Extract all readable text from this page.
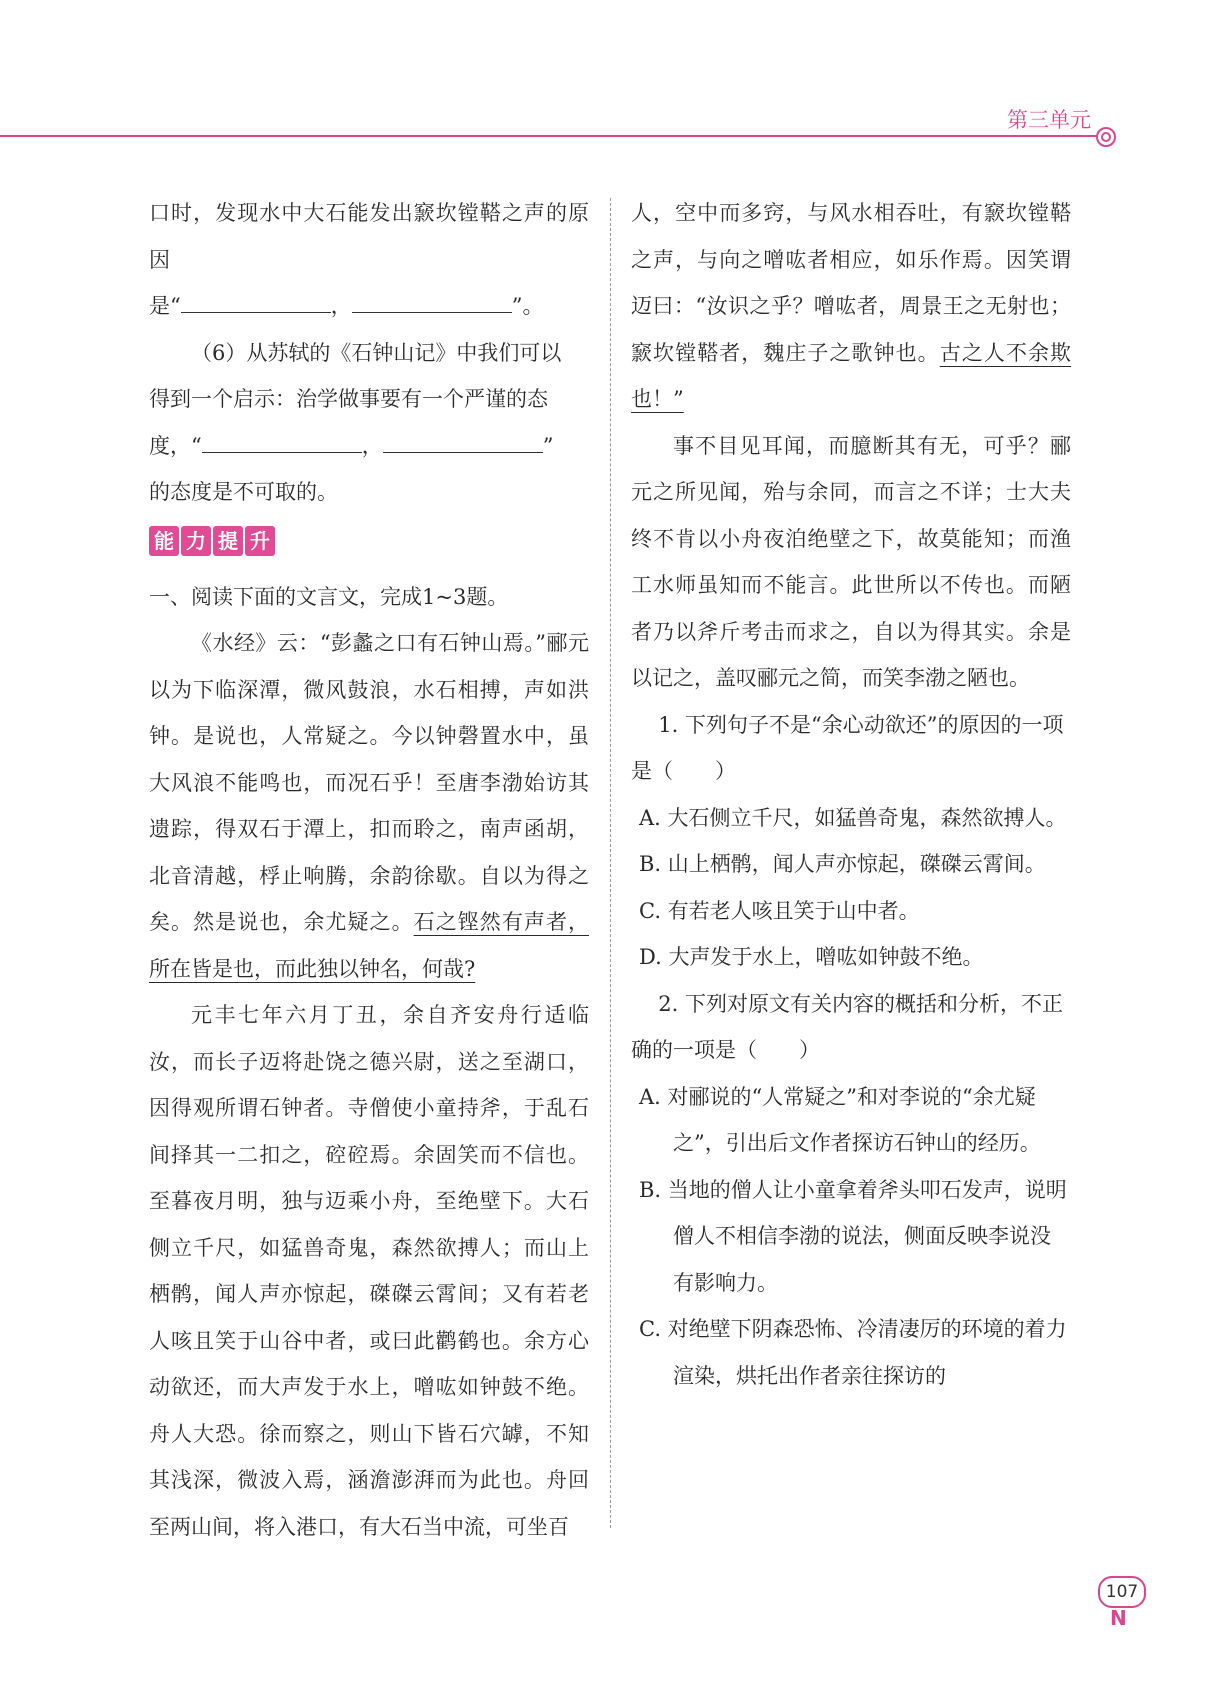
第三单元

口时，发现水中大石能发出窾坎镗鞳之声的原因

是“	，	”。

（6）从苏轼的《石钟山记》中我们可以

得到一个启示：治学做事要有一个严谨的态

度，“	，	”

的态度是不可取的。

能 力 提 升

一、阅读下面的文言文，完成1~3题。

《水经》云：“彭蠡之口有石钟山焉。”郦元以为下临深潭，微风鼓浪，水石相搏，声如洪钟。是说也，人常疑之。今以钟磬置水中，虽大风浪不能鸣也，而况石乎！至唐李渤始访其遗踪，得双石于潭上，扣而聆之，南声函胡，北音清越，桴止响腾，余韵徐歇。自以为得之矣。然是说也，余尤疑之。石之铿然有声者，所在皆是也，而此独以钟名，何哉?

元丰七年六月丁丑，余自齐安舟行适临汝，而长子迈将赴饶之德兴尉，送之至湖口，因得观所谓石钟者。寺僧使小童持斧，于乱石间择其一二扣之，硿硿焉。余固笑而不信也。至暮夜月明，独与迈乘小舟，至绝壁下。大石侧立千尺，如猛兽奇鬼，森然欲搏人；而山上栖鹘，闻人声亦惊起，磔磔云霄间；又有若老人咳且笑于山谷中者，或曰此鹳鹤也。余方心动欲还，而大声发于水上，噌吰如钟鼓不绝。舟人大恐。徐而察之，则山下皆石穴罅，不知其浅深，微波入焉，涵澹澎湃而为此也。舟回至两山间，将入港口，有大石当中流，可坐百

人，空中而多窍，与风水相吞吐，有窾坎镗鞳之声，与向之噌吰者相应，如乐作焉。因笑谓迈曰：“汝识之乎？噌吰者，周景王之无射也；窾坎镗鞳者，魏庄子之歌钟也。古之人不余欺也！”

事不目见耳闻，而臆断其有无，可乎？郦元之所见闻，殆与余同，而言之不详；士大夫终不肯以小舟夜泊绝壁之下，故莫能知；而渔工水师虽知而不能言。此世所以不传也。而陋者乃以斧斤考击而求之，自以为得其实。余是以记之，盖叹郦元之简，而笑李渤之陋也。

1. 下列句子不是“余心动欲还”的原因的一项是（　　）

A. 大石侧立千尺，如猛兽奇鬼，森然欲搏人。

B. 山上栖鹘，闻人声亦惊起，磔磔云霄间。

C. 有若老人咳且笑于山中者。

D. 大声发于水上，噌吰如钟鼓不绝。

2. 下列对原文有关内容的概括和分析，不正确的一项是（　　）

A. 对郦说的“人常疑之”和对李说的“余尤疑之”，引出后文作者探访石钟山的经历。

B. 当地的僧人让小童拿着斧头叩石发声，说明僧人不相信李渤的说法，侧面反映李说没有影响力。

C. 对绝壁下阴森恐怖、冷清凄厉的环境的着力渲染，烘托出作者亲往探访的

107
N
